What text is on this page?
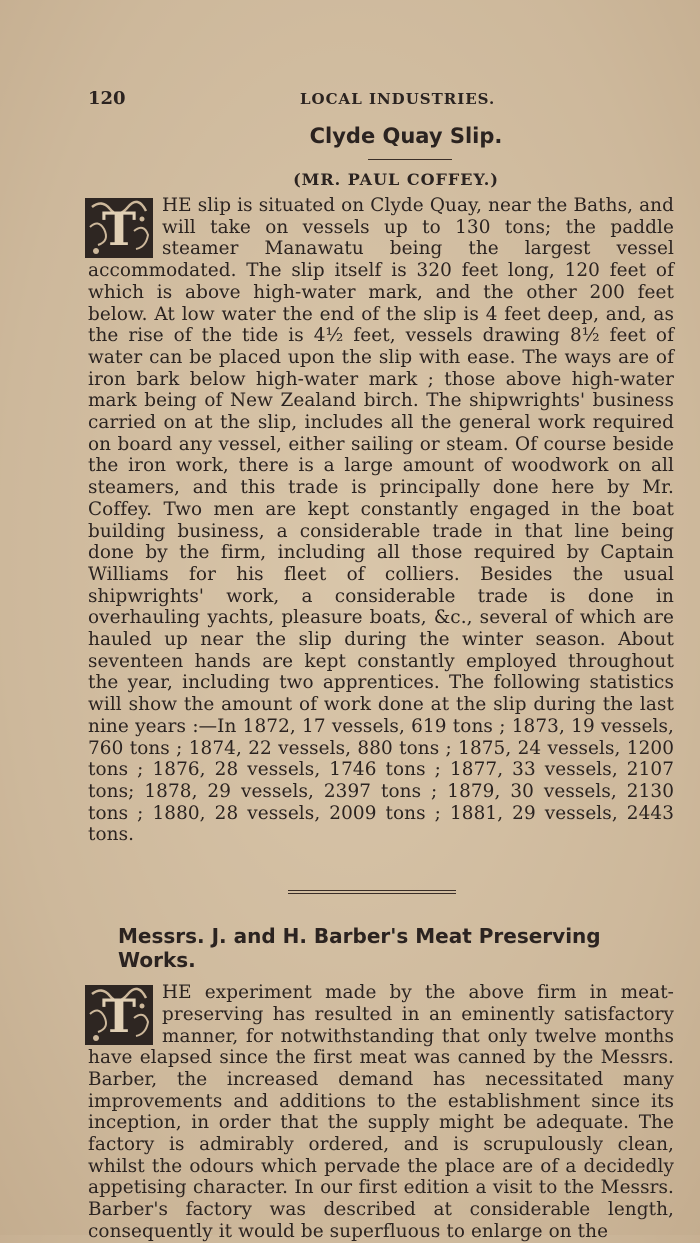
120	LOCAL INDUSTRIES.
Clyde Quay Slip.
(MR. PAUL COFFEY.)

T HE slip is situated on Clyde Quay, near the Baths, and will take on vessels up to 130 tons; the paddle steamer Manawatu being the largest vessel accommodated. The slip itself is 320 feet long, 120 feet of which is above high-water mark, and the other 200 feet below. At low water the end of the slip is 4 feet deep, and, as the rise of the tide is 4½ feet, vessels drawing 8½ feet of water can be placed upon the slip with ease. The ways are of iron bark below high-water mark ; those above high-water mark being of New Zealand birch. The shipwrights' business carried on at the slip, includes all the general work required on board any vessel, either sailing or steam. Of course beside the iron work, there is a large amount of woodwork on all steamers, and this trade is principally done here by Mr. Coffey. Two men are kept constantly engaged in the boat building business, a considerable trade in that line being done by the firm, including all those required by Captain Williams for his fleet of colliers. Besides the usual shipwrights' work, a considerable trade is done in overhauling yachts, pleasure boats, &c., several of which are hauled up near the slip during the winter season. About seventeen hands are kept constantly employed throughout the year, including two apprentices. The following statistics will show the amount of work done at the slip during the last nine years :—In 1872, 17 vessels, 619 tons ; 1873, 19 vessels, 760 tons ; 1874, 22 vessels, 880 tons ; 1875, 24 vessels, 1200 tons ; 1876, 28 vessels, 1746 tons ; 1877, 33 vessels, 2107 tons; 1878, 29 vessels, 2397 tons ; 1879, 30 vessels, 2130 tons ; 1880, 28 vessels, 2009 tons ; 1881, 29 vessels, 2443 tons.

Messrs. J. and H. Barber's Meat Preserving Works.

T HE experiment made by the above firm in meat-preserving has resulted in an eminently satisfactory manner, for notwithstanding that only twelve months have elapsed since the first meat was canned by the Messrs. Barber, the increased demand has necessitated many improvements and additions to the establishment since its inception, in order that the supply might be adequate. The factory is admirably ordered, and is scrupulously clean, whilst the odours which pervade the place are of a decidedly appetising character. In our first edition a visit to the Messrs. Barber's factory was described at considerable length, consequently it would be superfluous to enlarge on the
